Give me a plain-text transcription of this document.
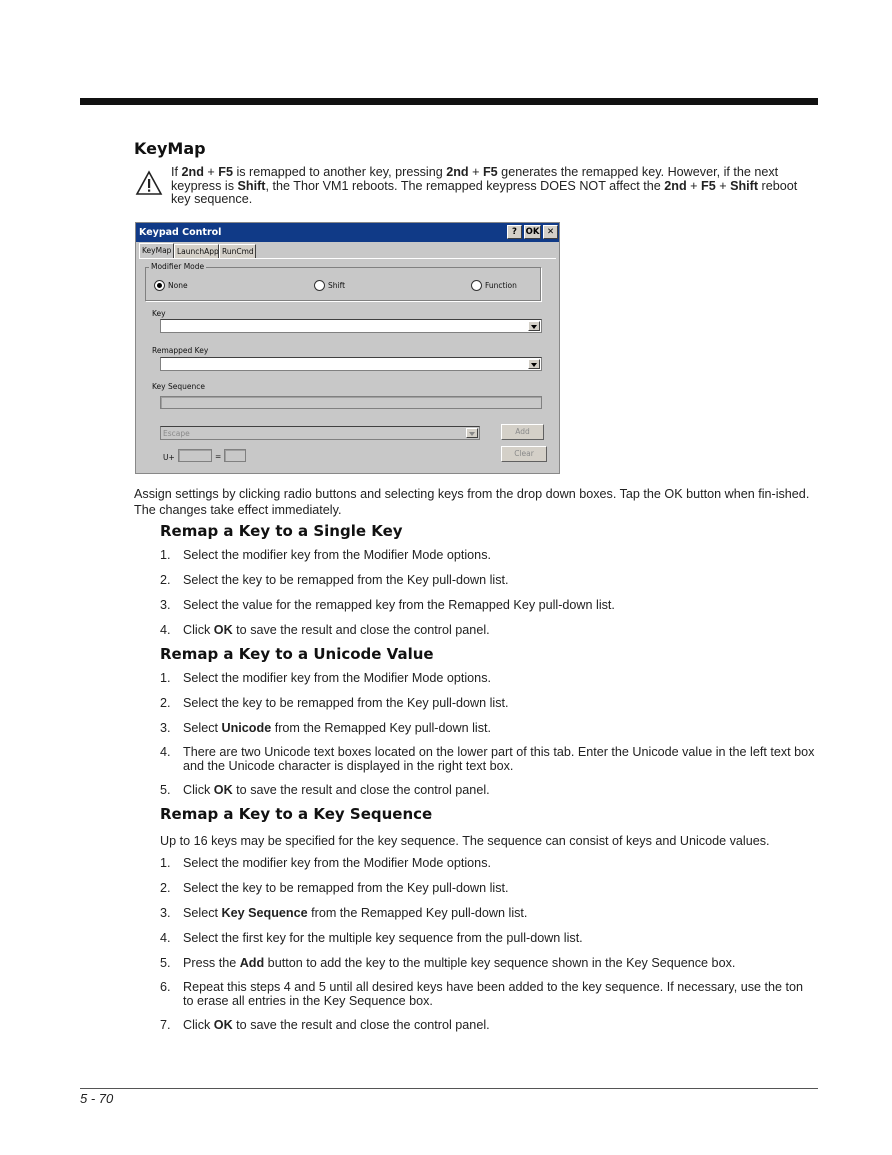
KeyMap
If 2nd + F5 is remapped to another key, pressing 2nd + F5 generates the remapped key. However, if the next keypress is Shift, the Thor VM1 reboots. The remapped keypress DOES NOT affect the 2nd + F5 + Shift reboot key sequence.
Keypad Control	?	OK ✕
KeyMap LaunchApp RunCmd
Modifier Mode
None	Shift	Function
Key
Remapped Key
Key Sequence
Escape	Add
U+	=	Clear
Assign settings by clicking radio buttons and selecting keys from the drop down boxes. Tap the OK button when fin-ished. The changes take effect immediately.
Remap a Key to a Single Key
1. Select the modifier key from the Modifier Mode options.
2. Select the key to be remapped from the Key pull-down list.
3. Select the value for the remapped key from the Remapped Key pull-down list.
4. Click OK to save the result and close the control panel.
Remap a Key to a Unicode Value
1. Select the modifier key from the Modifier Mode options.
2. Select the key to be remapped from the Key pull-down list.
3. Select Unicode from the Remapped Key pull-down list.
4. There are two Unicode text boxes located on the lower part of this tab. Enter the Unicode value in the left text box and the Unicode character is displayed in the right text box.
5. Click OK to save the result and close the control panel.
Remap a Key to a Key Sequence
Up to 16 keys may be specified for the key sequence. The sequence can consist of keys and Unicode values.
1. Select the modifier key from the Modifier Mode options.
2. Select the key to be remapped from the Key pull-down list.
3. Select Key Sequence from the Remapped Key pull-down list.
4. Select the first key for the multiple key sequence from the pull-down list.
5. Press the Add button to add the key to the multiple key sequence shown in the Key Sequence box.
6. Repeat this steps 4 and 5 until all desired keys have been added to the key sequence. If necessary, use the ton to erase all entries in the Key Sequence box.
7. Click OK to save the result and close the control panel.
5 - 70
